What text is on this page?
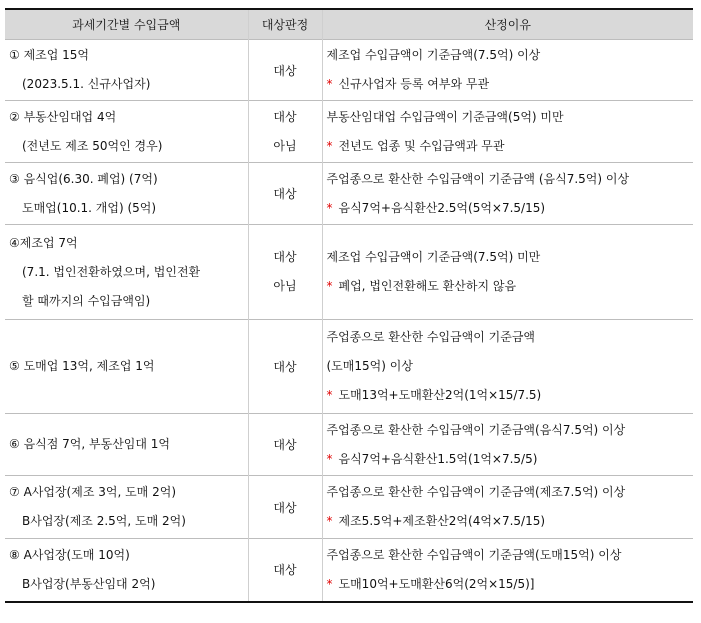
과세기간별 수입금액	대상판정	산정이유

① 제조업 15억
(2023.5.1. 신규사업자)	대상	제조업 수입금액이 기준금액(7.5억) 이상
* 신규사업자 등록 여부와 무관

② 부동산임대업 4억
(전년도 제조 50억인 경우)	대상
아님	부동산임대업 수입금액이 기준금액(5억) 미만
* 전년도 업종 및 수입금액과 무관

③ 음식업(6.30. 폐업) (7억)
도매업(10.1. 개업) (5억)	대상	주업종으로 환산한 수입금액이 기준금액 (음식7.5억) 이상
* 음식7억+음식환산2.5억(5억×7.5/15)

④제조업 7억
(7.1. 법인전환하였으며, 법인전환
할 때까지의 수입금액임)	대상
아님	제조업 수입금액이 기준금액(7.5억) 미만
* 폐업, 법인전환해도 환산하지 않음

⑤ 도매업 13억, 제조업 1억	대상	주업종으로 환산한 수입금액이 기준금액
(도매15억) 이상
* 도매13억+도매환산2억(1억×15/7.5)

⑥ 음식점 7억, 부동산임대 1억	대상	주업종으로 환산한 수입금액이 기준금액(음식7.5억) 이상
* 음식7억+음식환산1.5억(1억×7.5/5)

⑦ A사업장(제조 3억, 도매 2억)
B사업장(제조 2.5억, 도매 2억)	대상	주업종으로 환산한 수입금액이 기준금액(제조7.5억) 이상
* 제조5.5억+제조환산2억(4억×7.5/15)

⑧ A사업장(도매 10억)
B사업장(부동산임대 2억)	대상	주업종으로 환산한 수입금액이 기준금액(도매15억) 이상
* 도매10억+도매환산6억(2억×15/5)]
